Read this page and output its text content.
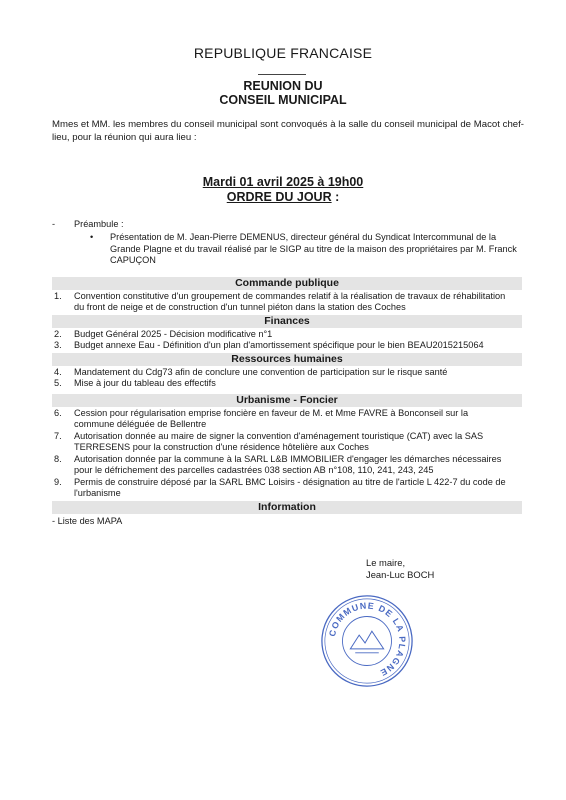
REPUBLIQUE FRANCAISE
REUNION DU
CONSEIL MUNICIPAL
Mmes et MM. les membres du conseil municipal sont convoqués à la salle du conseil municipal de Macot chef-lieu, pour la réunion qui aura lieu :
Mardi 01 avril 2025 à 19h00
ORDRE DU JOUR :
- Préambule :
• Présentation de M. Jean-Pierre DEMENUS, directeur général du Syndicat Intercommunal de la
Grande Plagne et du travail réalisé par le SIGP au titre de la maison des propriétaires par M. Franck
CAPUÇON
Commande publique
1. Convention constitutive d'un groupement de commandes relatif à la réalisation de travaux de réhabilitation
du front de neige et de construction d'un tunnel piéton dans la station des Coches
Finances
2. Budget Général 2025 - Décision modificative n°1
3. Budget annexe Eau - Définition d'un plan d'amortissement spécifique pour le bien BEAU2015215064
Ressources humaines
4. Mandatement du Cdg73 afin de conclure une convention de participation sur le risque santé
5. Mise à jour du tableau des effectifs
Urbanisme - Foncier
6. Cession pour régularisation emprise foncière en faveur de M. et Mme FAVRE à Bonconseil sur la
commune déléguée de Bellentre
7. Autorisation donnée au maire de signer la convention d'aménagement touristique (CAT) avec la SAS
TERRESENS pour la construction d'une résidence hôtelière aux Coches
8. Autorisation donnée par la commune à la SARL L&B IMMOBILIER d'engager les démarches nécessaires
pour le défrichement des parcelles cadastrées 038 section AB n°108, 110, 241, 243, 245
9. Permis de construire déposé par la SARL BMC Loisirs - désignation au titre de l'article L 422-7 du code de
l'urbanisme
Information
- Liste des MAPA
Le maire,
Jean-Luc BOCH
COMMUNE DE LA PLAGNE
